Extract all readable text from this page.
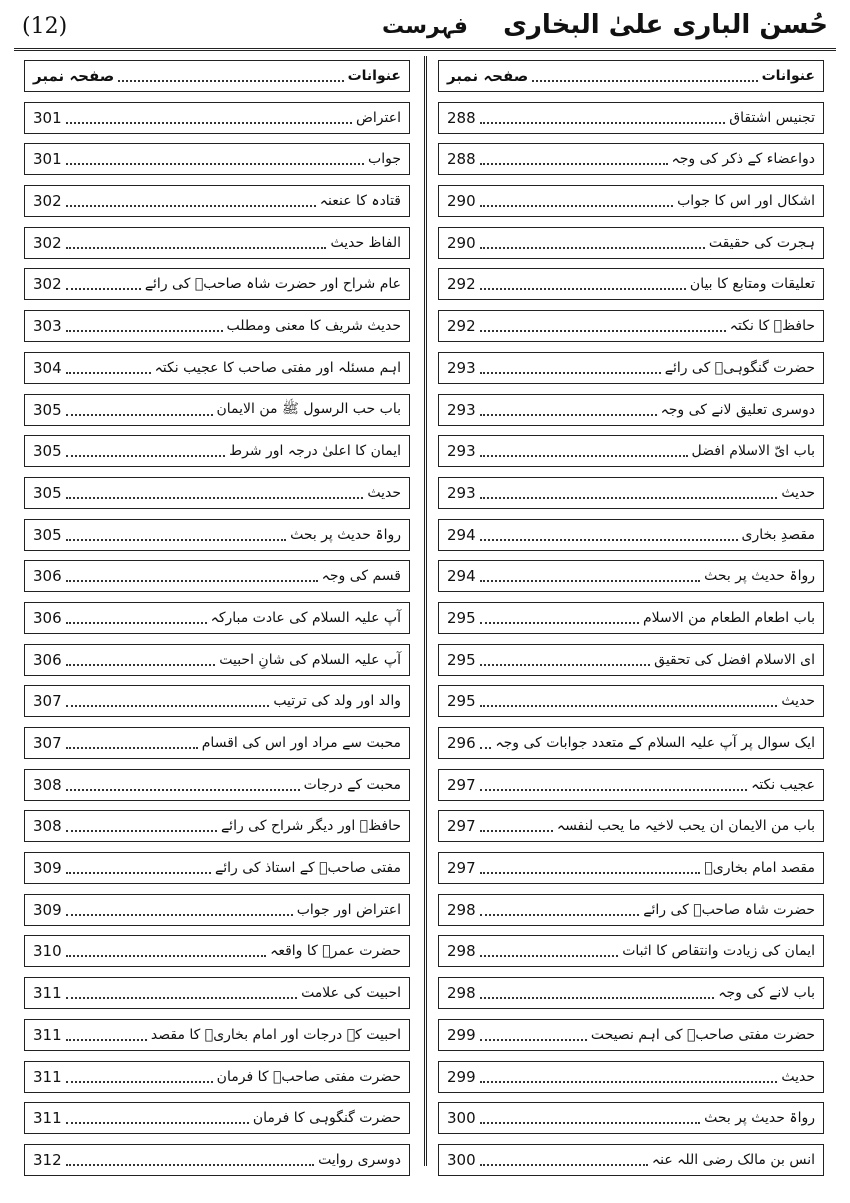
(12)	فہرست	حُسن الباری علیٰ البخاری
عنوانات
صفحہ نمبر
تجنیس اشتقاق
288
دواعضاء کے ذکر کی وجہ
288
اشکال اور اس کا جواب
290
ہجرت کی حقیقت
290
تعلیقات ومتابع کا بیان
292
حافظؒ کا نکتہ
292
حضرت گنگوہیؒ کی رائے
293
دوسری تعلیق لانے کی وجہ
293
باب ایّ الاسلام افضل
293
حدیث
293
مقصدِ بخاری
294
رواۃ حدیث پر بحث
294
باب اطعام الطعام من الاسلام
295
ای الاسلام افضل کی تحقیق
295
حدیث
295
ایک سوال پر آپ علیہ السلام کے متعدد جوابات کی وجہ
296
عجیب نکتہ
297
باب من الایمان ان یحب لاخیہ ما یحب لنفسہ
297
مقصد امام بخاریؒ
297
حضرت شاہ صاحبؒ کی رائے
298
ایمان کی زیادت وانتقاص کا اثبات
298
باب لانے کی وجہ
298
حضرت مفتی صاحبؒ کی اہم نصیحت
299
حدیث
299
رواۃ حدیث پر بحث
300
انس بن مالک رضی اللہ عنہ
300
عنوانات
صفحہ نمبر
اعتراض
301
جواب
301
قتادہ کا عنعنہ
302
الفاظ حدیث
302
عام شراح اور حضرت شاہ صاحبؒ کی رائے
302
حدیث شریف کا معنی ومطلب
303
اہم مسئلہ اور مفتی صاحب کا عجیب نکتہ
304
باب حب الرسول ﷺ من الایمان
305
ایمان کا اعلیٰ درجہ اور شرط
305
حدیث
305
رواۃ حدیث پر بحث
305
قسم کی وجہ
306
آپ علیہ السلام کی عادت مبارکہ
306
آپ علیہ السلام کی شانِ احبیت
306
والد اور ولد کی ترتیب
307
محبت سے مراد اور اس کی اقسام
307
محبت کے درجات
308
حافظؒ اور دیگر شراح کی رائے
308
مفتی صاحبؒ کے استاذ کی رائے
309
اعتراض اور جواب
309
حضرت عمرؓ کا واقعہ
310
احبیت کی علامت
311
احبیت کے درجات اور امام بخاریؒ کا مقصد
311
حضرت مفتی صاحبؒ کا فرمان
311
حضرت گنگوہی کا فرمان
311
دوسری روایت
312
